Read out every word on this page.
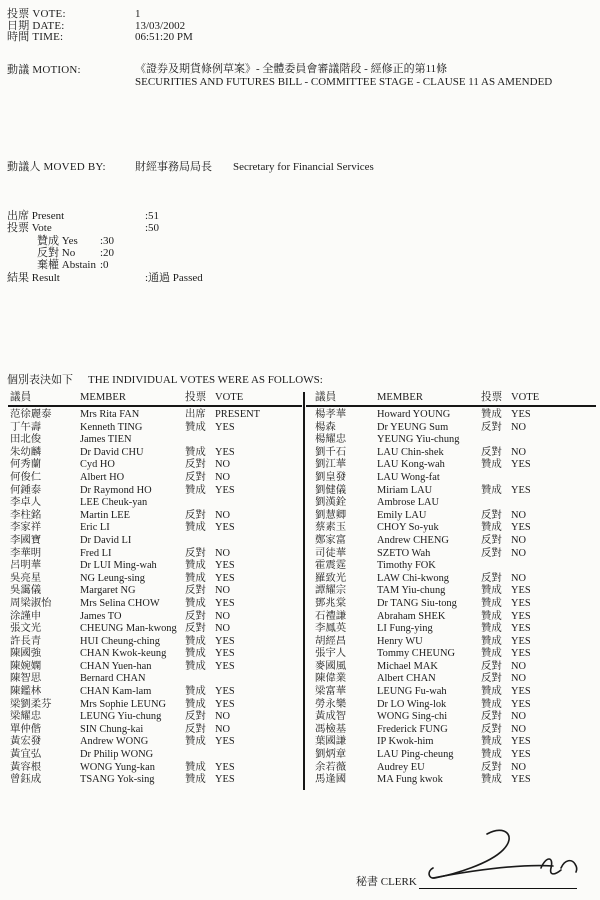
投票 VOTE:	1
日期 DATE:	13/03/2002
時間 TIME:	06:51:20 PM
動議 MOTION:	《證券及期貨條例草案》- 全體委員會審議階段 - 經修正的第11條
SECURITIES AND FUTURES BILL - COMMITTEE STAGE - CLAUSE 11 AS AMENDED
動議人 MOVED BY:	財經事務局局長 Secretary for Financial Services
出席 Present	:51
投票 Vote	:50
贊成 Yes :30
反對 No :20
棄權 Abstain :0
結果 Result	:通過 Passed
個別表決如下 THE INDIVIDUAL VOTES WERE AS FOLLOWS:
議員	MEMBER	投票 VOTE	議員	MEMBER	投票 VOTE
范徐麗泰	Mrs Rita FAN	出席 PRESENT
丁午壽	Kenneth TING	贊成 YES
田北俊	James TIEN
朱幼麟	Dr David CHU	贊成 YES
何秀蘭	Cyd HO	反對 NO
何俊仁	Albert HO	反對 NO
何鍾泰	Dr Raymond HO	贊成 YES
李卓人	LEE Cheuk-yan
李柱銘	Martin LEE	反對 NO
李家祥	Eric LI	贊成 YES
李國寶	Dr David LI
李華明	Fred LI	反對 NO
呂明華	Dr LUI Ming-wah	贊成 YES
吳亮星	NG Leung-sing	贊成 YES
吳靄儀	Margaret NG	反對 NO
周梁淑怡	Mrs Selina CHOW 贊成 YES
涂謹申	James TO	反對 NO
張文光	CHEUNG Man-kwong 反對 NO
許長青	HUI Cheung-ching 贊成 YES
陳國強	CHAN Kwok-keung 贊成 YES
陳婉嫻	CHAN Yuen-han	贊成 YES
陳智思	Bernard CHAN
陳鑑林	CHAN Kam-lam	贊成 YES
梁劉柔芬	Mrs Sophie LEUNG 贊成 YES
梁耀忠	LEUNG Yiu-chung 反對 NO
單仲偕	SIN Chung-kai	反對 NO
黃宏發	Andrew WONG	贊成 YES
黃宜弘	Dr Philip WONG
黃容根	WONG Yung-kan	贊成 YES
曾鈺成	TSANG Yok-sing	贊成 YES
楊孝華	Howard YOUNG	贊成 YES
楊森	Dr YEUNG Sum	反對 NO
楊耀忠	YEUNG Yiu-chung
劉千石	LAU Chin-shek	反對 NO
劉江華	LAU Kong-wah	贊成 YES
劉皇發	LAU Wong-fat
劉健儀	Miriam LAU	贊成 YES
劉漢銓	Ambrose LAU
劉慧卿	Emily LAU	反對 NO
蔡素玉	CHOY So-yuk	贊成 YES
鄭家富	Andrew CHENG	反對 NO
司徒華	SZETO Wah	反對 NO
霍震霆	Timothy FOK
羅致光	LAW Chi-kwong	反對 NO
譚耀宗	TAM Yiu-chung	贊成 YES
鄧兆棠	Dr TANG Siu-tong 贊成 YES
石禮謙	Abraham SHEK	贊成 YES
李鳳英	LI Fung-ying	贊成 YES
胡經昌	Henry WU	贊成 YES
張宇人	Tommy CHEUNG 贊成 YES
麥國風	Michael MAK	反對 NO
陳偉業	Albert CHAN	反對 NO
梁富華	LEUNG Fu-wah	贊成 YES
勞永樂	Dr LO Wing-lok	贊成 YES
黃成智	WONG Sing-chi	反對 NO
馮檢基	Frederick FUNG	反對 NO
葉國謙	IP Kwok-him	贊成 YES
劉炳章	LAU Ping-cheung	贊成 YES
余若薇	Audrey EU	反對 NO
馬逢國	MA Fung kwok	贊成 YES
秘書 CLERK
